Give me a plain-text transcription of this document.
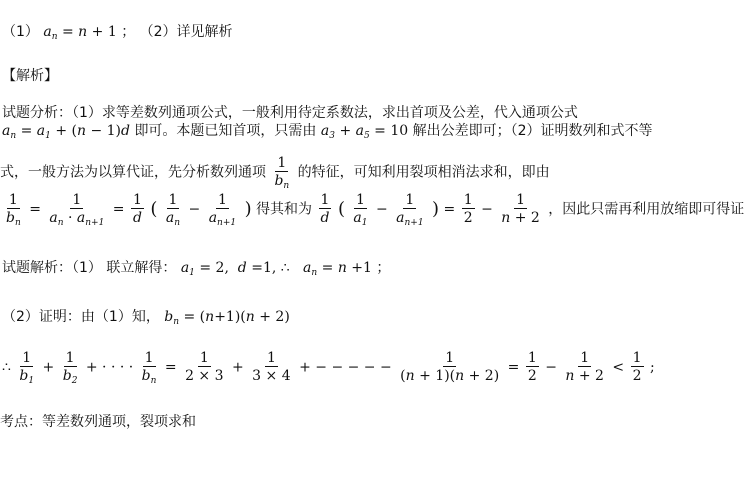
（1） $a_n = n + 1$ ； （2）详见解析
【解析】
试题分析：（1）求等差数列通项公式，一般利用待定系数法，求出首项及公差，代入通项公式
$a_n = a_1 + (n - 1)d$ 即可。本题已知首项，只需由 $a_3 + a_5 = 10$ 解出公差即可；（2）证明数列和式不等
式，一般方法为以算代证，先分析数列通项 $\frac{1}{b_n}$ 的特征，可知利用裂项相消法求和，即由
$\frac{1}{b_n} = \frac{1}{a_n \cdot a_{n+1}} = \frac{1}{d}$ ( $\frac{1}{a_n} - \frac{1}{a_{n+1}}$ ) 得其和为 $\frac{1}{d}$ ( $\frac{1}{a_1} - \frac{1}{a_{n+1}}$ ) = $\frac{1}{2} - \frac{1}{n + 2}$ ，因此只需再利用放缩即可得证
试题解析：（1） 联立解得： $a_1 = 2$,  d =1, ∴   $a_n = n +1$ ；
（2）证明：由（1）知， $b_n = (n+1)(n + 2)$
∴ $\frac{1}{b_1} + \frac{1}{b_2}$ + · · · · $\frac{1}{b_n} = \frac{1}{2 \times 3} + \frac{1}{3 \times 4}$ + − − − − − $\frac{1}{(n + 1)(n + 2)} = \frac{1}{2} - \frac{1}{n + 2} < \frac{1}{2}$ ;
考点：等差数列通项，裂项求和
